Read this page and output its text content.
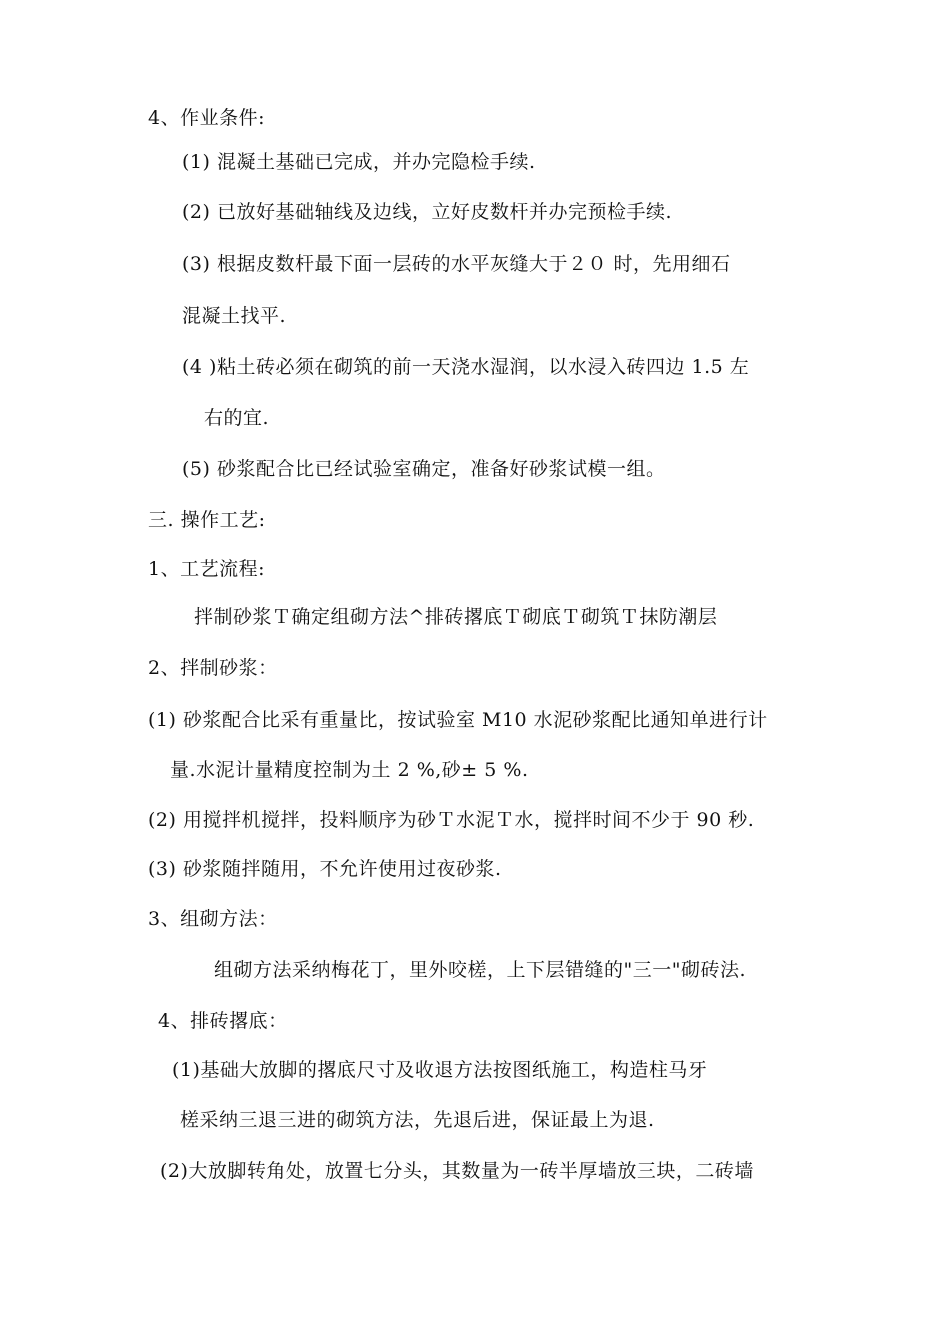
4、作业条件:
(1) 混凝土基础已完成，并办完隐检手续.
(2) 已放好基础轴线及边线，立好皮数杆并办完预检手续.
(3) 根据皮数杆最下面一层砖的水平灰缝大于２０ 时，先用细石
混凝土找平.
(4 )粘土砖必须在砌筑的前一天浇水湿润，以水浸入砖四边 1.5 左
右的宜.
(5) 砂浆配合比已经试验室确定，准备好砂浆试模一组。
三. 操作工艺:
1、工艺流程:
拌制砂浆Ｔ确定组砌方法^排砖撂底Ｔ砌底Ｔ砌筑Ｔ抹防潮层
2、拌制砂浆：
(1) 砂浆配合比采有重量比，按试验室 M10 水泥砂浆配比通知单进行计
量.水泥计量精度控制为土 2 %,砂± 5 %.
(2) 用搅拌机搅拌，投料顺序为砂Ｔ水泥Ｔ水，搅拌时间不少于 90 秒.
(3) 砂浆随拌随用，不允许使用过夜砂浆.
3、组砌方法：
组砌方法采纳梅花丁，里外咬槎，上下层错缝的"三一"砌砖法.
4、排砖撂底：
(1)基础大放脚的撂底尺寸及收退方法按图纸施工，构造柱马牙
槎采纳三退三进的砌筑方法，先退后进，保证最上为退.
(2)大放脚转角处，放置七分头，其数量为一砖半厚墙放三块，二砖墙
